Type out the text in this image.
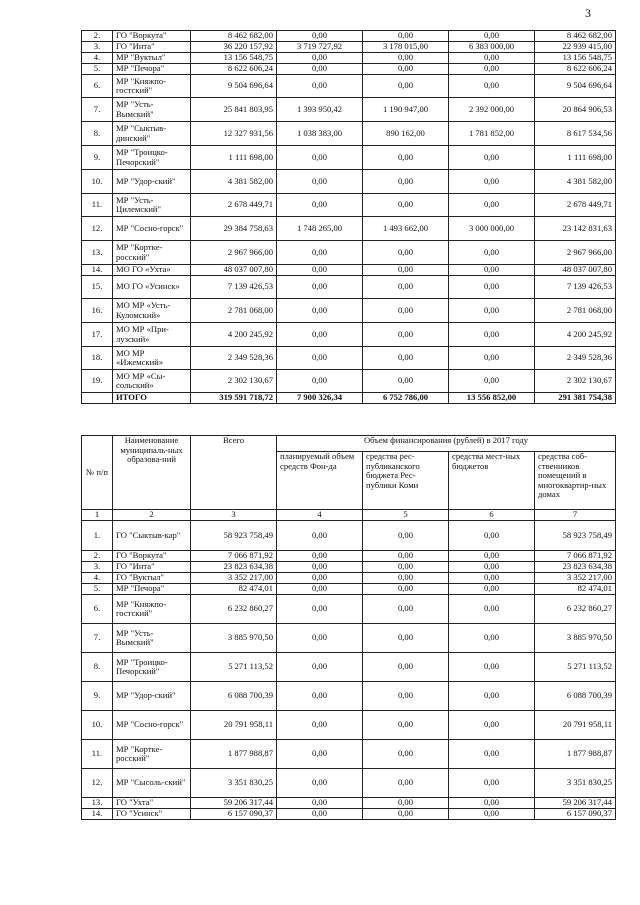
3
2.	ГО "Воркута"	8 462 682,00	0,00	0,00	0,00	8 462 682,00
3.	ГО "Инта"	36 220 157,92	3 719 727,92	3 178 015,00	6 383 000,00	22 939 415,00
4.	МР "Вуктыл"	13 156 548,75	0,00	0,00	0,00	13 156 548,75
5.	МР "Печора"	8 622 606,24	0,00	0,00	0,00	8 622 606,24
6.	МР "Княжпо-гостский"	9 504 696,64	0,00	0,00	0,00	9 504 696,64
7.	МР "Усть-Вымский"	25 841 803,95	1 393 950,42	1 190 947,00	2 392 000,00	20 864 906,53
8.	МР "Сыктыв-динский"	12 327 931,56	1 038 383,00	890 162,00	1 781 852,00	8 617 534,56
9.	МР "Троицко-Печорский"	1 111 698,00	0,00	0,00	0,00	1 111 698,00
10.	МР "Удор-ский"	4 381 582,00	0,00	0,00	0,00	4 381 582,00
11.	МР "Усть-Цилемский"	2 678 449,71	0,00	0,00	0,00	2 678 449,71
12.	МР "Сосно-горск"	29 384 758,63	1 748 265,00	1 493 662,00	3 000 000,00	23 142 831,63
13.	МР "Корткe-росский"	2 967 966,00	0,00	0,00	0,00	2 967 966,00
14.	МО ГО «Ухта»	48 037 007,80	0,00	0,00	0,00	48 037 007,80
15.	МО ГО «Усинск»	7 139 426,53	0,00	0,00	0,00	7 139 426,53
16.	МО МР «Усть-Куломский»	2 781 068,00	0,00	0,00	0,00	2 781 068,00
17.	МО МР «При-лузский»	4 200 245,92	0,00	0,00	0,00	4 200 245,92
18.	МО МР «Ижемский»	2 349 528,36	0,00	0,00	0,00	2 349 528,36
19.	МО МР «Сы-сольский»	2 302 130,67	0,00	0,00	0,00	2 302 130,67
	ИТОГО	319 591 718,72	7 900 326,34	6 752 786,00	13 556 852,00	291 381 754,38
№ п/п	Наименование муниципаль-ных образова-ний	Всего	Объем финансирования (рублей) в 2017 году			
			планируемый объем средств Фон-да	средства рес-публиканского бюджета Рес-публики Коми	средства мест-ных бюджетов	средства соб-ственников помещений в многоквартир-ных домах
1	2	3	4	5	6	7
1.	ГО "Сыктыв-кар"	58 923 758,49	0,00	0,00	0,00	58 923 758,49
2.	ГО "Воркута"	7 066 871,92	0,00	0,00	0,00	7 066 871,92
3.	ГО "Инта"	23 823 634,38	0,00	0,00	0,00	23 823 634,38
4.	ГО "Вуктыл"	3 352 217,00	0,00	0,00	0,00	3 352 217,00
5.	МР "Печора"	82 474,01	0,00	0,00	0,00	82 474,01
6.	МР "Княжпо-гостский"	6 232 860,27	0,00	0,00	0,00	6 232 860,27
7.	МР "Усть-Вымский"	3 885 970,50	0,00	0,00	0,00	3 885 970,50
8.	МР "Троицко-Печорский"	5 271 113,52	0,00	0,00	0,00	5 271 113,52
9.	МР "Удор-ский"	6 088 700,39	0,00	0,00	0,00	6 088 700,39
10.	МР "Сосно-горск"	20 791 958,11	0,00	0,00	0,00	20 791 958,11
11.	МР "Корткe-росский"	1 877 988,87	0,00	0,00	0,00	1 877 988,87
12.	МР "Сысоль-ский"	3 351 830,25	0,00	0,00	0,00	3 351 830,25
13.	ГО "Ухта"	59 206 317,44	0,00	0,00	0,00	59 206 317,44
14.	ГО "Усинск"	6 157 090,37	0,00	0,00	0,00	6 157 090,37
